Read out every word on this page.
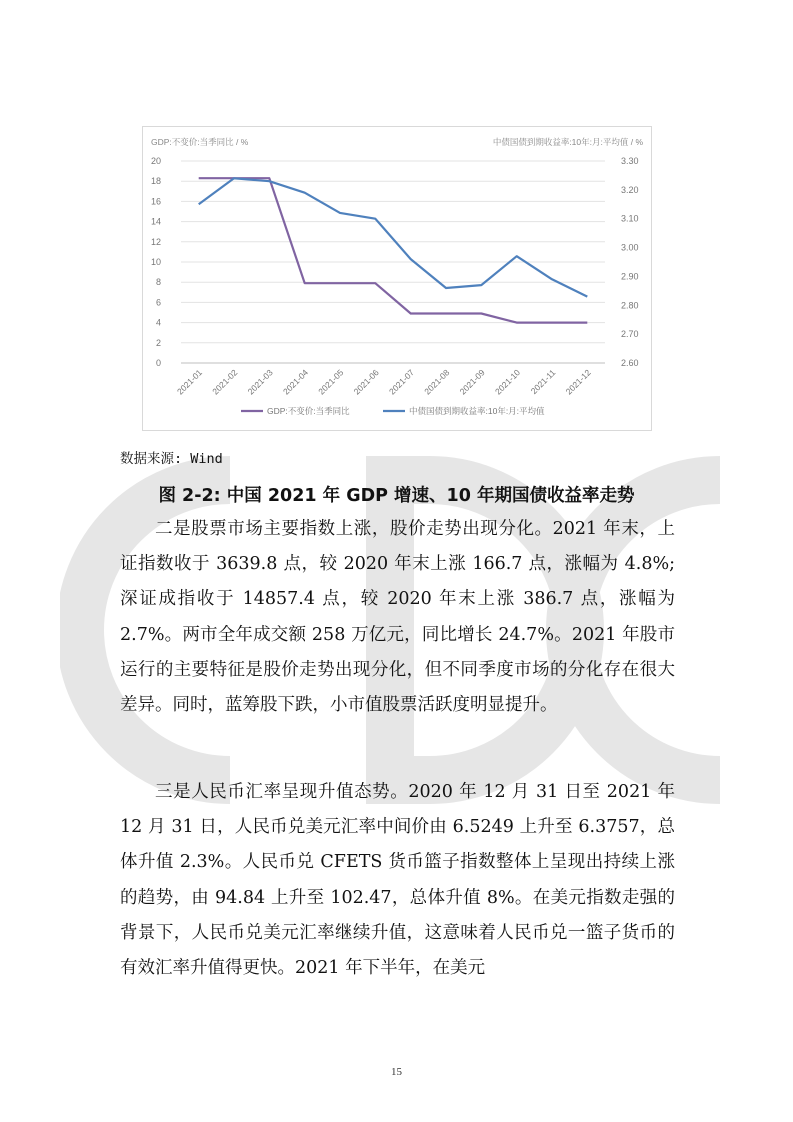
GDP:不变价:当季同比 / %	中债国债到期收益率:10年:月:平均值 / %
0
2
4
6
8
10
12
14
16
18
20
2.60
2.70
2.80
2.90
3.00
3.10
3.20
3.30
2021-01 2021-02 2021-03 2021-04 2021-05 2021-06 2021-07 2021-08 2021-09 2021-10 2021-11 2021-12
GDP:不变价:当季同比	中债国债到期收益率:10年:月:平均值
数据来源: Wind
图 2-2: 中国 2021 年 GDP 增速、10 年期国债收益率走势

二是股票市场主要指数上涨，股价走势出现分化。2021 年末，上证指数收于 3639.8 点，较 2020 年末上涨 166.7 点，涨幅为 4.8%; 深证成指收于 14857.4 点，较 2020 年末上涨 386.7 点，涨幅为 2.7%。两市全年成交额 258 万亿元，同比增长 24.7%。2021 年股市运行的主要特征是股价走势出现分化，但不同季度市场的分化存在很大差异。同时，蓝筹股下跌，小市值股票活跃度明显提升。

三是人民币汇率呈现升值态势。2020 年 12 月 31 日至 2021 年 12 月 31 日，人民币兑美元汇率中间价由 6.5249 上升至 6.3757，总体升值 2.3%。人民币兑 CFETS 货币篮子指数整体上呈现出持续上涨的趋势，由 94.84 上升至 102.47，总体升值 8%。在美元指数走强的背景下，人民币兑美元汇率继续升值，这意味着人民币兑一篮子货币的有效汇率升值得更快。2021 年下半年，在美元

15
